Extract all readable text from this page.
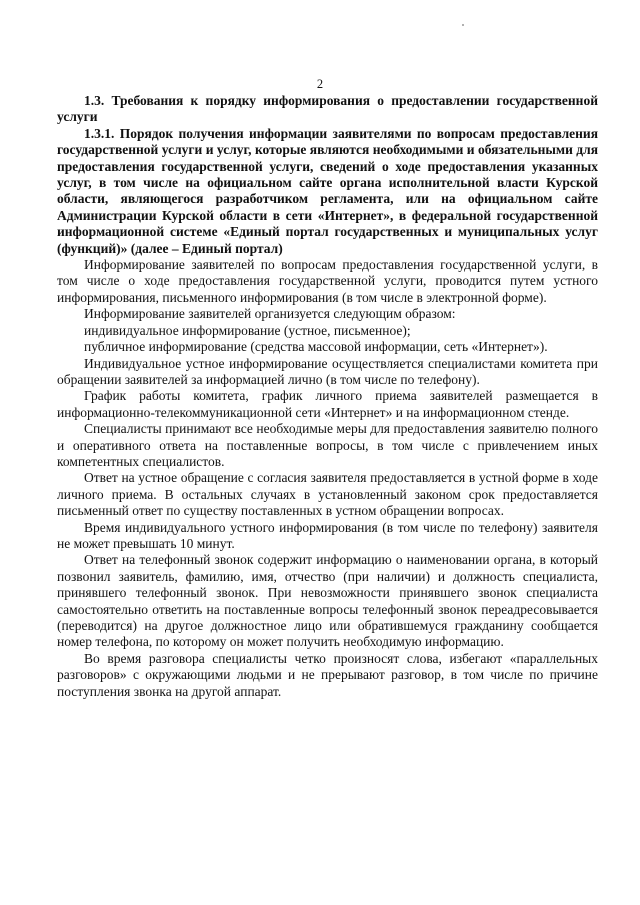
2

1.3. Требования к порядку информирования о предоставлении государственной услуги

1.3.1. Порядок получения информации заявителями по вопросам предоставления государственной услуги и услуг, которые являются необходимыми и обязательными для предоставления государственной услуги, сведений о ходе предоставления указанных услуг, в том числе на официальном сайте органа исполнительной власти Курской области, являющегося разработчиком регламента, или на официальном сайте Администрации Курской области в сети «Интернет», в федеральной государственной информационной системе «Единый портал государственных и муниципальных услуг (функций)» (далее – Единый портал)

Информирование заявителей по вопросам предоставления государственной услуги, в том числе о ходе предоставления государственной услуги, проводится путем устного информирования, письменного информирования (в том числе в электронной форме).

Информирование заявителей организуется следующим образом:

индивидуальное информирование (устное, письменное);

публичное информирование (средства массовой информации, сеть «Интернет»).

Индивидуальное устное информирование осуществляется специалистами комитета при обращении заявителей за информацией лично (в том числе по телефону).

График работы комитета, график личного приема заявителей размещается в информационно-телекоммуникационной сети «Интернет» и на информационном стенде.

Специалисты принимают все необходимые меры для предоставления заявителю полного и оперативного ответа на поставленные вопросы, в том числе с привлечением иных компетентных специалистов.

Ответ на устное обращение с согласия заявителя предоставляется в устной форме в ходе личного приема. В остальных случаях в установленный законом срок предоставляется письменный ответ по существу поставленных в устном обращении вопросах.

Время индивидуального устного информирования (в том числе по телефону) заявителя не может превышать 10 минут.

Ответ на телефонный звонок содержит информацию о наименовании органа, в который позвонил заявитель, фамилию, имя, отчество (при наличии) и должность специалиста, принявшего телефонный звонок. При невозможности принявшего звонок специалиста самостоятельно ответить на поставленные вопросы телефонный звонок переадресовывается (переводится) на другое должностное лицо или обратившемуся гражданину сообщается номер телефона, по которому он может получить необходимую информацию.

Во время разговора специалисты четко произносят слова, избегают «параллельных разговоров» с окружающими людьми и не прерывают разговор, в том числе по причине поступления звонка на другой аппарат.
